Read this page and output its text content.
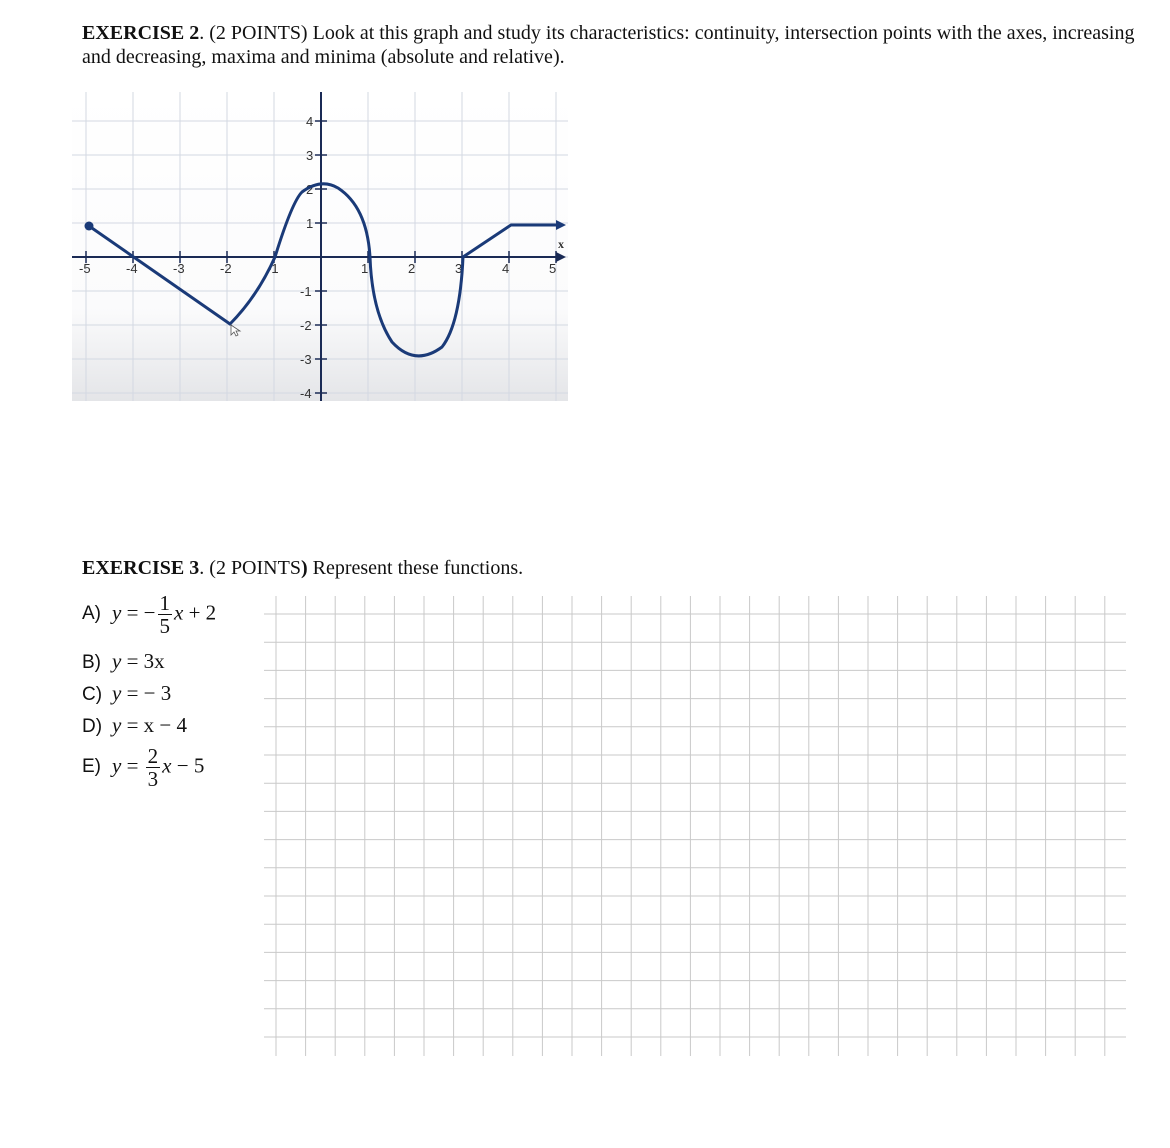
EXERCISE 2. (2 POINTS) Look at this graph and study its characteristics: continuity, intersection points with the axes, increasing and decreasing, maxima and minima (absolute and relative).
-5	-4	-3	-2	-1	1	2	3	4	5
1
2
3
4
-1
-2
-3
-4
x
EXERCISE 3. (2 POINTS) Represent these functions.
A) y = − $\frac{1}{5}$ x + 2
B) y = 3x
C) y = − 3
D) y = x − 4
E) $y = \frac{2}{3}$ x − 5
